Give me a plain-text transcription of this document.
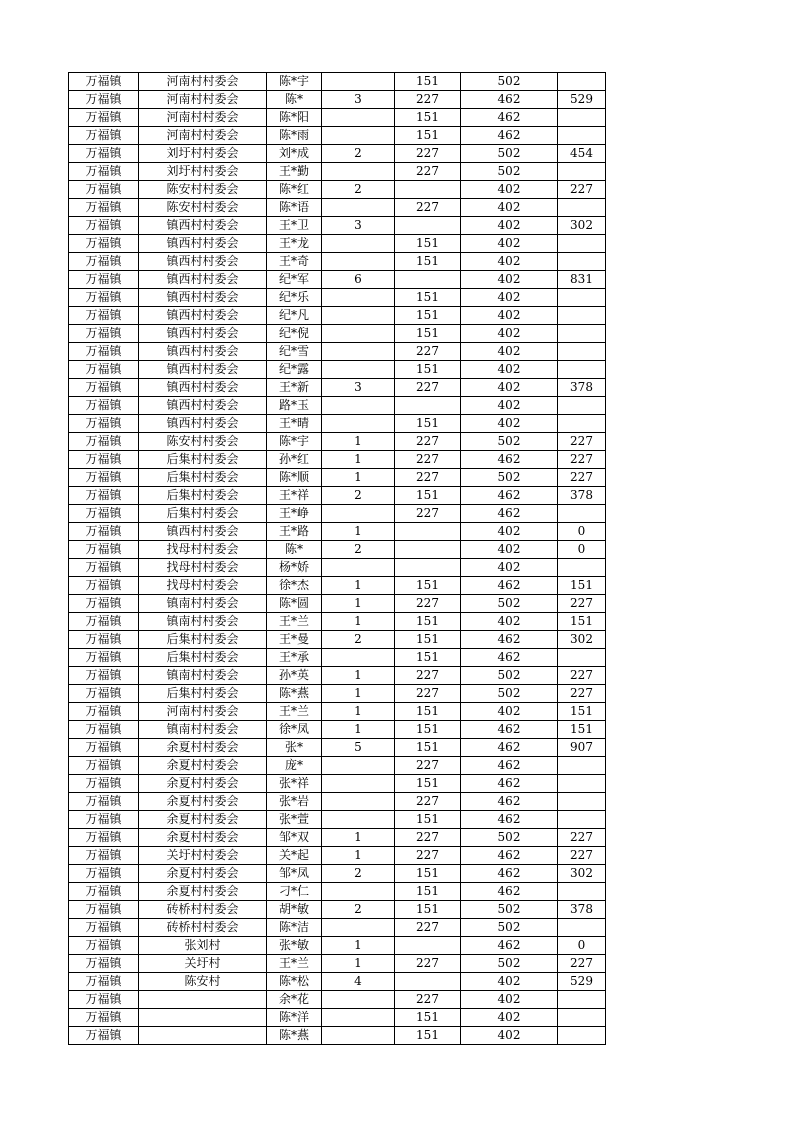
万福镇	河南村村委会	陈*宇		151	502	
万福镇	河南村村委会	陈*	3	227	462	529
万福镇	河南村村委会	陈*阳		151	462	
万福镇	河南村村委会	陈*雨		151	462	
万福镇	刘圩村村委会	刘*成	2	227	502	454
万福镇	刘圩村村委会	王*勤		227	502	
万福镇	陈安村村委会	陈*红	2		402	227
万福镇	陈安村村委会	陈*语		227	402	
万福镇	镇西村村委会	王*卫	3		402	302
万福镇	镇西村村委会	王*龙		151	402	
万福镇	镇西村村委会	王*奇		151	402	
万福镇	镇西村村委会	纪*军	6		402	831
万福镇	镇西村村委会	纪*乐		151	402	
万福镇	镇西村村委会	纪*凡		151	402	
万福镇	镇西村村委会	纪*倪		151	402	
万福镇	镇西村村委会	纪*雪		227	402	
万福镇	镇西村村委会	纪*露		151	402	
万福镇	镇西村村委会	王*新	3	227	402	378
万福镇	镇西村村委会	路*玉			402	
万福镇	镇西村村委会	王*晴		151	402	
万福镇	陈安村村委会	陈*宇	1	227	502	227
万福镇	后集村村委会	孙*红	1	227	462	227
万福镇	后集村村委会	陈*顺	1	227	502	227
万福镇	后集村村委会	王*祥	2	151	462	378
万福镇	后集村村委会	王*峥		227	462	
万福镇	镇西村村委会	王*路	1		402	0
万福镇	找母村村委会	陈*	2		402	0
万福镇	找母村村委会	杨*娇			402	
万福镇	找母村村委会	徐*杰	1	151	462	151
万福镇	镇南村村委会	陈*圆	1	227	502	227
万福镇	镇南村村委会	王*兰	1	151	402	151
万福镇	后集村村委会	王*曼	2	151	462	302
万福镇	后集村村委会	王*承		151	462	
万福镇	镇南村村委会	孙*英	1	227	502	227
万福镇	后集村村委会	陈*燕	1	227	502	227
万福镇	河南村村委会	王*兰	1	151	402	151
万福镇	镇南村村委会	徐*凤	1	151	462	151
万福镇	余夏村村委会	张*	5	151	462	907
万福镇	余夏村村委会	庞*		227	462	
万福镇	余夏村村委会	张*祥		151	462	
万福镇	余夏村村委会	张*岩		227	462	
万福镇	余夏村村委会	张*萱		151	462	
万福镇	余夏村村委会	邹*双	1	227	502	227
万福镇	关圩村村委会	关*起	1	227	462	227
万福镇	余夏村村委会	邹*凤	2	151	462	302
万福镇	余夏村村委会	刁*仁		151	462	
万福镇	砖桥村村委会	胡*敏	2	151	502	378
万福镇	砖桥村村委会	陈*洁		227	502	
万福镇	张刘村	张*敏	1		462	0
万福镇	关圩村	王*兰	1	227	502	227
万福镇	陈安村	陈*松	4		402	529
万福镇		余*花		227	402	
万福镇		陈*洋		151	402	
万福镇		陈*燕		151	402	
